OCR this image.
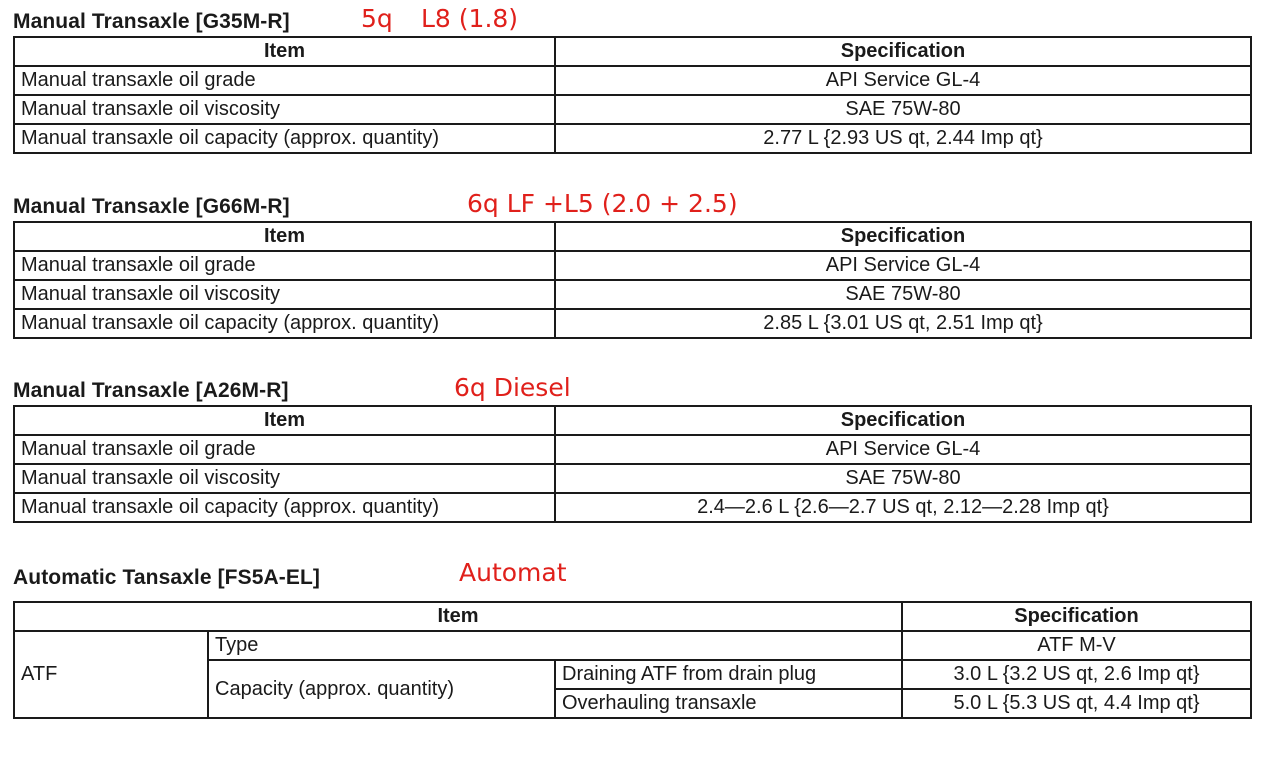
Manual Transaxle [G35M-R]	5q L8 (1.8)
Item	Specification
Manual transaxle oil grade	API Service GL-4
Manual transaxle oil viscosity	SAE 75W-80
Manual transaxle oil capacity (approx. quantity)	2.77 L {2.93 US qt, 2.44 Imp qt}
Manual Transaxle [G66M-R]	6q LF +L5 (2.0 + 2.5)
Item	Specification
Manual transaxle oil grade	API Service GL-4
Manual transaxle oil viscosity	SAE 75W-80
Manual transaxle oil capacity (approx. quantity)	2.85 L {3.01 US qt, 2.51 Imp qt}
Manual Transaxle [A26M-R]	6q Diesel
Item	Specification
Manual transaxle oil grade	API Service GL-4
Manual transaxle oil viscosity	SAE 75W-80
Manual transaxle oil capacity (approx. quantity)	2.4—2.6 L {2.6—2.7 US qt, 2.12—2.28 Imp qt}
Automatic Tansaxle [FS5A-EL]	Automat
Item			Specification
ATF	Type		ATF M-V
	Capacity (approx. quantity)	Draining ATF from drain plug	3.0 L {3.2 US qt, 2.6 Imp qt}
		Overhauling transaxle	5.0 L {5.3 US qt, 4.4 Imp qt}
